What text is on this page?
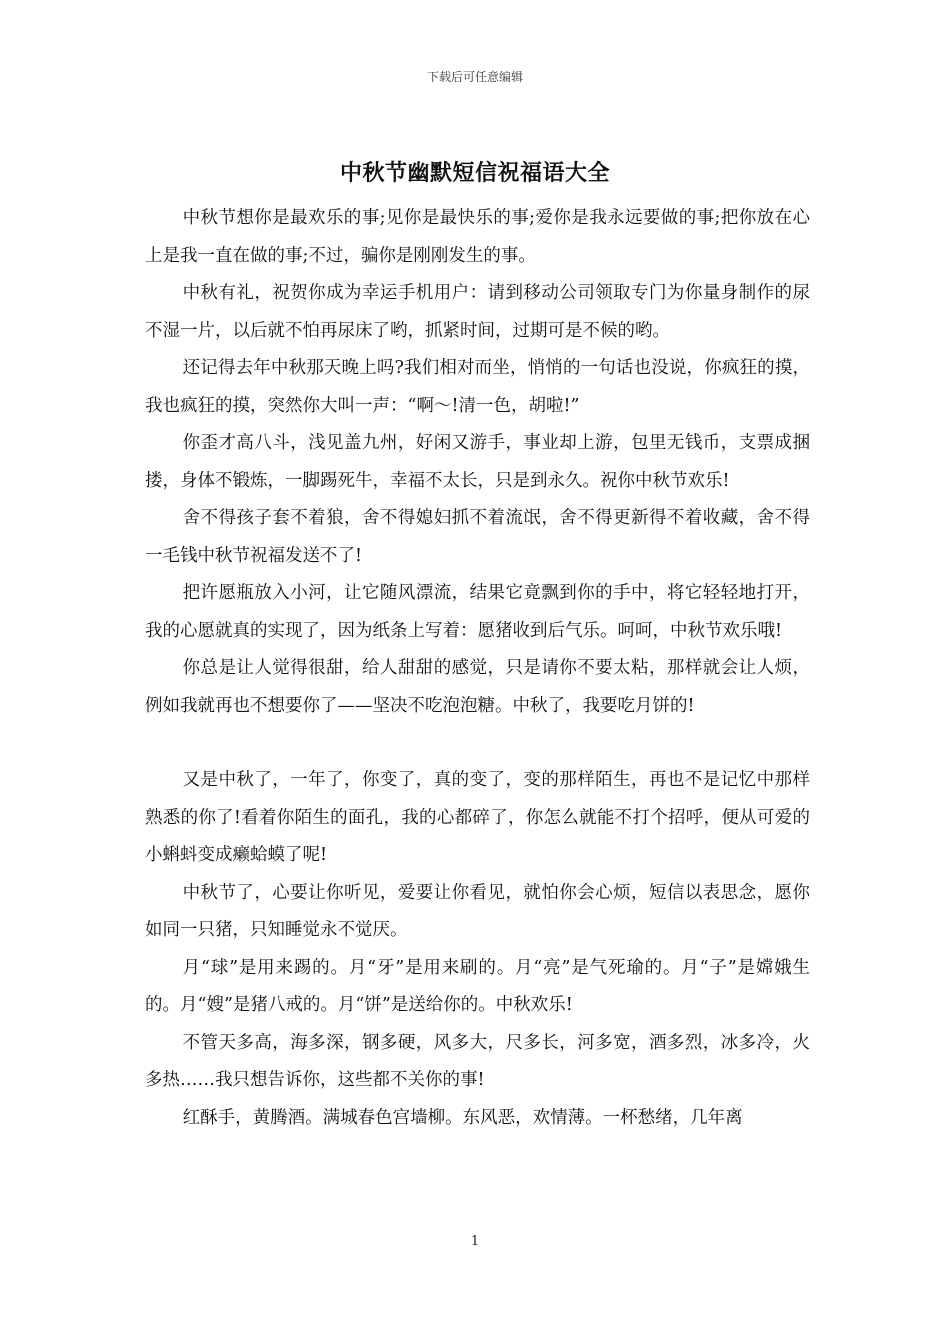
下载后可任意编辑
中秋节幽默短信祝福语大全

中秋节想你是最欢乐的事;见你是最快乐的事;爱你是我永远要做的事;把你放在心上是我一直在做的事;不过，骗你是刚刚发生的事。

中秋有礼，祝贺你成为幸运手机用户：请到移动公司领取专门为你量身制作的尿不湿一片，以后就不怕再尿床了哟，抓紧时间，过期可是不候的哟。

还记得去年中秋那天晚上吗?我们相对而坐，悄悄的一句话也没说，你疯狂的摸，我也疯狂的摸，突然你大叫一声：“啊～!清一色，胡啦!”

你歪才高八斗，浅见盖九州，好闲又游手，事业却上游，包里无钱币，支票成捆搂，身体不锻炼，一脚踢死牛，幸福不太长，只是到永久。祝你中秋节欢乐!

舍不得孩子套不着狼，舍不得媳妇抓不着流氓，舍不得更新得不着收藏，舍不得一毛钱中秋节祝福发送不了!

把许愿瓶放入小河，让它随风漂流，结果它竟飘到你的手中，将它轻轻地打开，我的心愿就真的实现了，因为纸条上写着：愿猪收到后气乐。呵呵，中秋节欢乐哦!

你总是让人觉得很甜，给人甜甜的感觉，只是请你不要太粘，那样就会让人烦，例如我就再也不想要你了——坚决不吃泡泡糖。中秋了，我要吃月饼的!

又是中秋了，一年了，你变了，真的变了，变的那样陌生，再也不是记忆中那样熟悉的你了!看着你陌生的面孔，我的心都碎了，你怎么就能不打个招呼，便从可爱的小蝌蚪变成癞蛤蟆了呢!

中秋节了，心要让你听见，爱要让你看见，就怕你会心烦，短信以表思念，愿你如同一只猪，只知睡觉永不觉厌。

月“球”是用来踢的。月“牙”是用来刷的。月“亮”是气死瑜的。月“子”是嫦娥生的。月“嫂”是猪八戒的。月“饼”是送给你的。中秋欢乐!

不管天多高，海多深，钢多硬，风多大，尺多长，河多宽，酒多烈，冰多冷，火多热……我只想告诉你，这些都不关你的事!

红酥手，黄腾酒。满城春色宫墙柳。东风恶，欢情薄。一杯愁绪，几年离

1
